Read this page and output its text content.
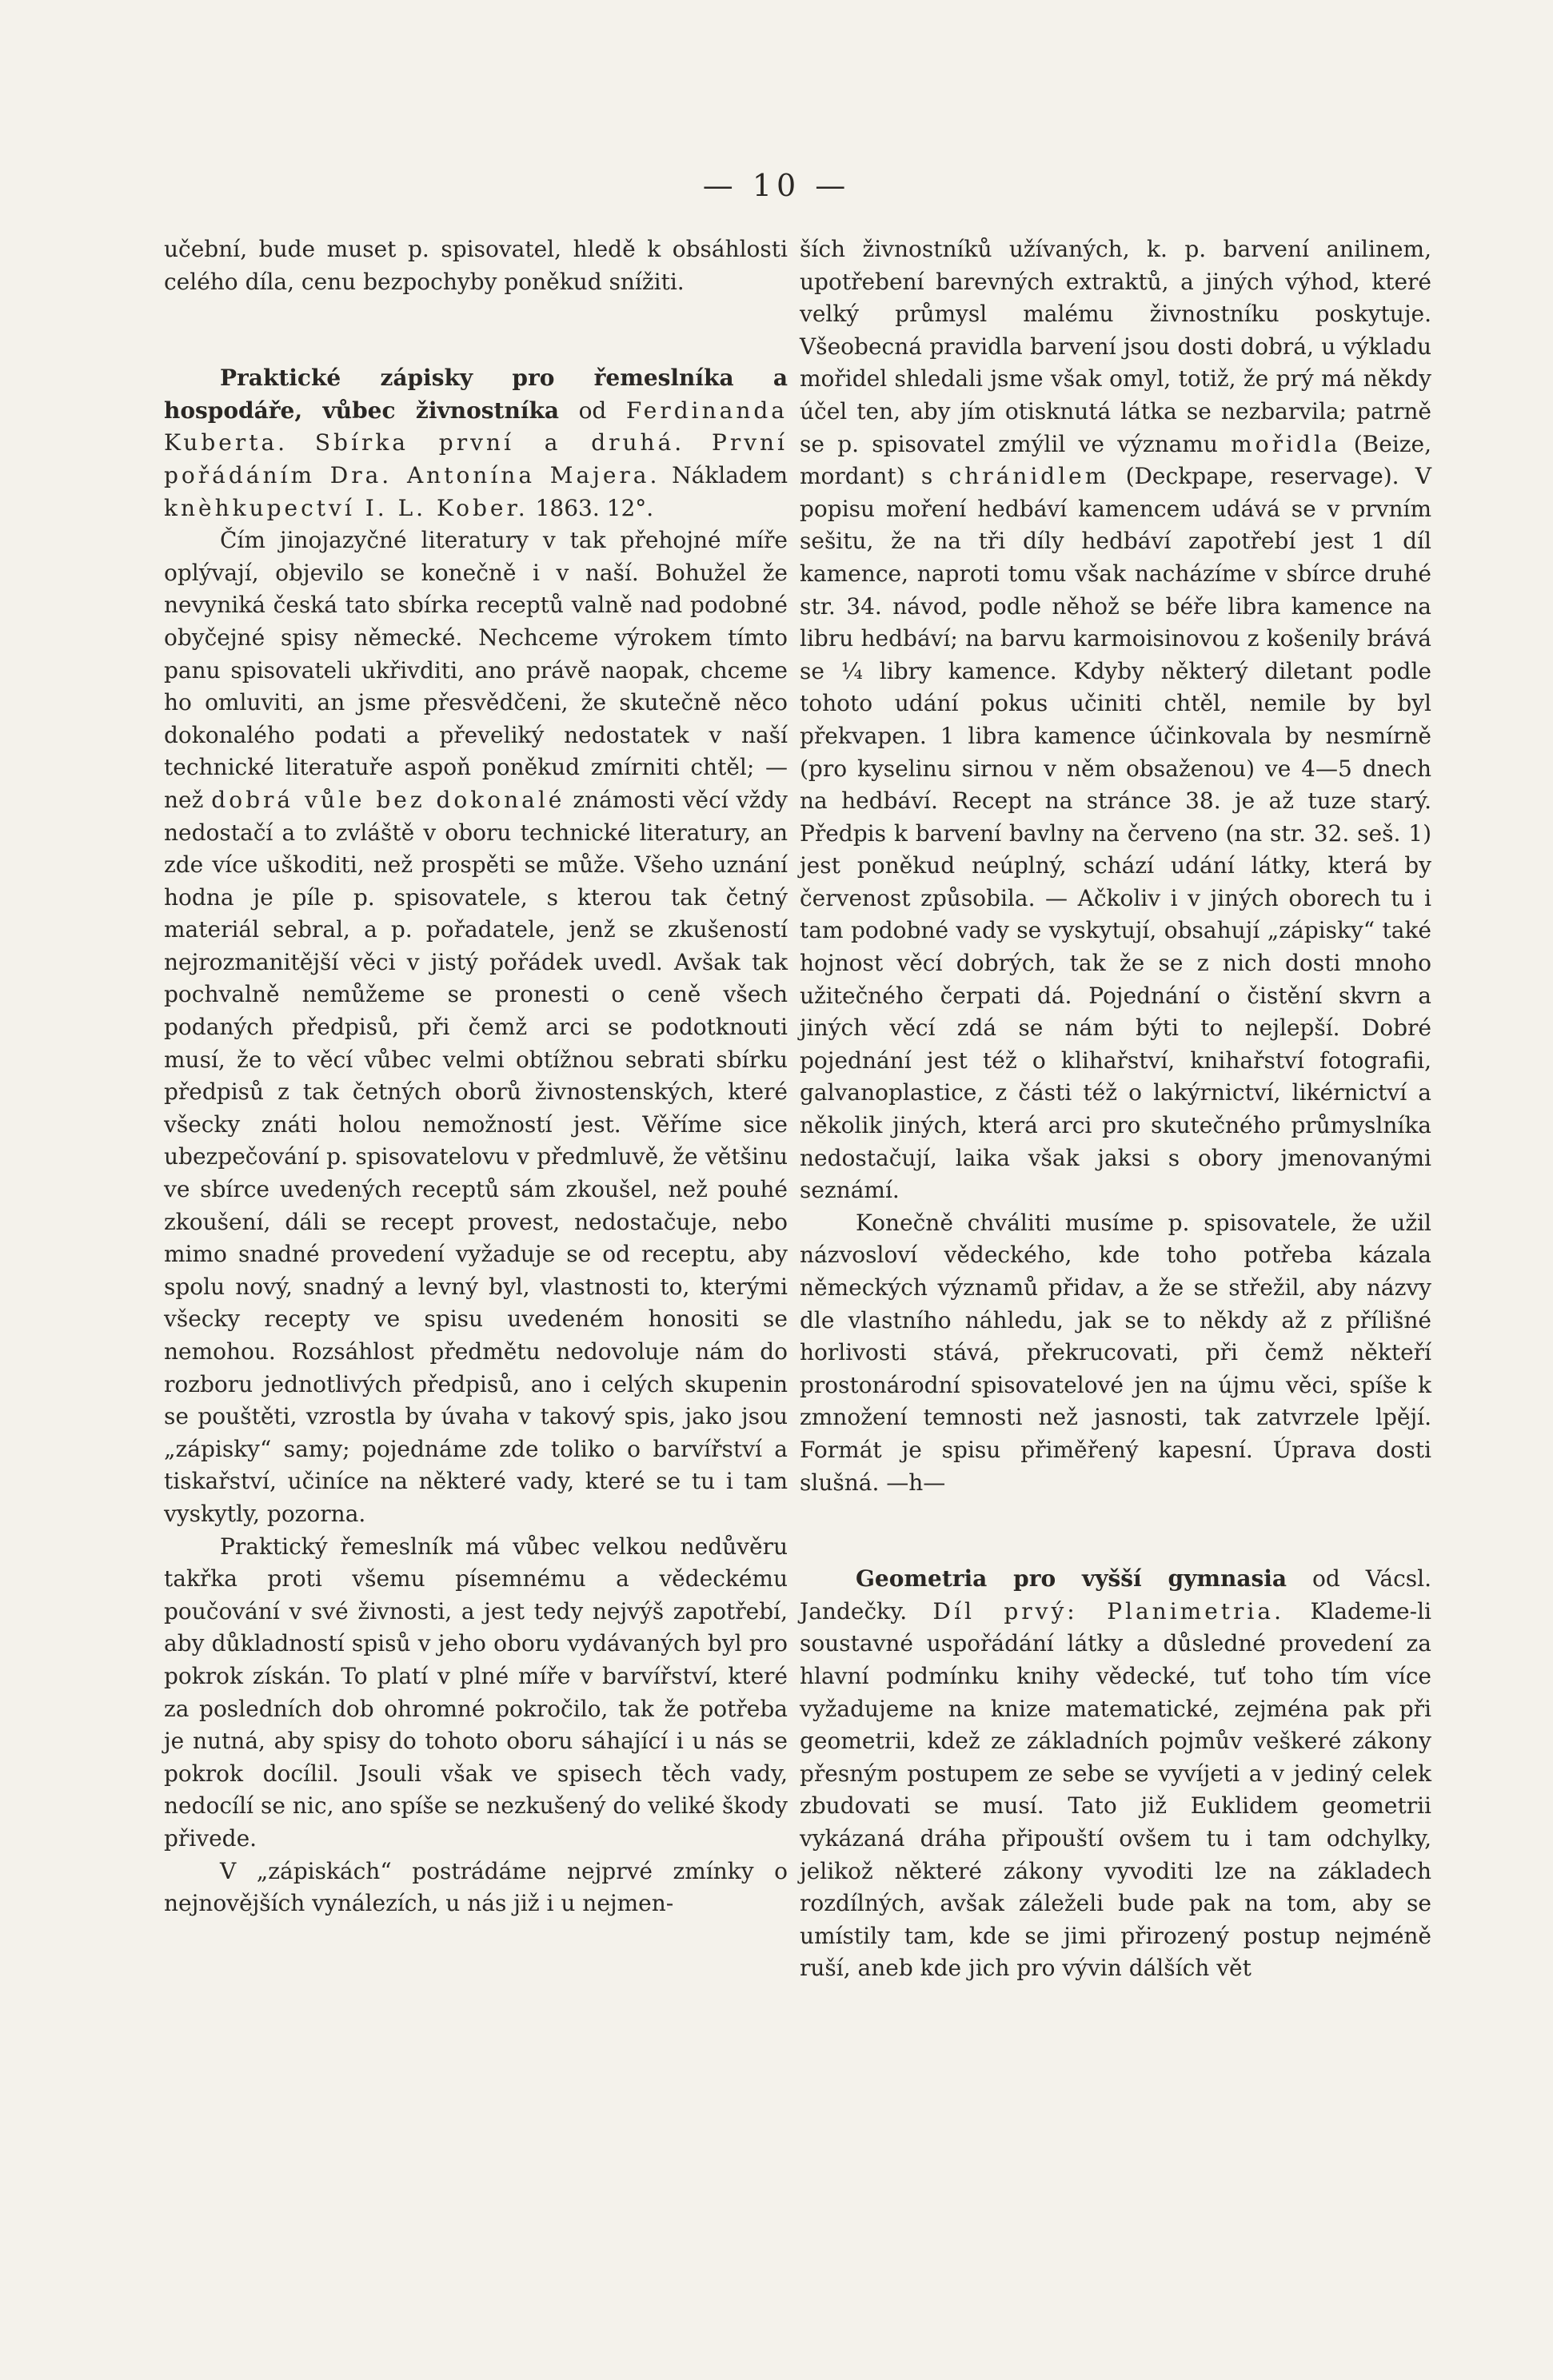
— 10 —

učební, bude muset p. spisovatel, hledě k obsáhlosti celého díla, cenu bezpochyby poněkud snížiti.

Praktické zápisky pro řemeslníka a hospodáře, vůbec živnostníka od Ferdinanda Kuberta. Sbírka první a druhá. První pořádáním Dra. Antonína Majera. Nákladem knèhkupectví I. L. Kober. 1863. 12°.

Čím jinojazyčné literatury v tak přehojné míře oplývají, objevilo se konečně i v naší. Bohužel že nevyniká česká tato sbírka receptů valně nad podobné obyčejné spisy německé. Nechceme výrokem tímto panu spisovateli ukřivditi, ano právě naopak, chceme ho omluviti, an jsme přesvědčeni, že skutečně něco dokonalého podati a převeliký nedostatek v naší technické literatuře aspoň poněkud zmírniti chtěl; — než dobrá vůle bez dokonalé známosti věcí vždy nedostačí a to zvláště v oboru technické literatury, an zde více uškoditi, než prospěti se může. Všeho uznání hodna je píle p. spisovatele, s kterou tak četný materiál sebral, a p. pořadatele, jenž se zkušeností nejrozmanitější věci v jistý pořádek uvedl. Avšak tak pochvalně nemůžeme se pronesti o ceně všech podaných předpisů, při čemž arci se podotknouti musí, že to věcí vůbec velmi obtížnou sebrati sbírku předpisů z tak četných oborů živnostenských, které všecky znáti holou nemožností jest. Věříme sice ubezpečování p. spisovatelovu v předmluvě, že většinu ve sbírce uvedených receptů sám zkoušel, než pouhé zkoušení, dáli se recept provest, nedostačuje, nebo mimo snadné provedení vyžaduje se od receptu, aby spolu nový, snadný a levný byl, vlastnosti to, kterými všecky recepty ve spisu uvedeném honositi se nemohou. Rozsáhlost předmětu nedovoluje nám do rozboru jednotlivých předpisů, ano i celých skupenin se pouštěti, vzrostla by úvaha v takový spis, jako jsou „zápisky“ samy; pojednáme zde toliko o barvířství a tiskařství, učiníce na některé vady, které se tu i tam vyskytly, pozorna.

Praktický řemeslník má vůbec velkou nedůvěru takřka proti všemu písemnému a vědeckému poučování v své živnosti, a jest tedy nejvýš zapotřebí, aby důkladností spisů v jeho oboru vydávaných byl pro pokrok získán. To platí v plné míře v barvířství, které za posledních dob ohromné pokročilo, tak že potřeba je nutná, aby spisy do tohoto oboru sáhající i u nás se pokrok docílil. Jsouli však ve spisech těch vady, nedocílí se nic, ano spíše se nezkušený do veliké škody přivede.

V „zápiskách“ postrádáme nejprvé zmínky o nejnovějších vynálezích, u nás již i u nejmen-

ších živnostníků užívaných, k. p. barvení anilinem, upotřebení barevných extraktů, a jiných výhod, které velký průmysl malému živnostníku poskytuje. Všeobecná pravidla barvení jsou dosti dobrá, u výkladu mořidel shledali jsme však omyl, totiž, že prý má někdy účel ten, aby jím otisknutá látka se nezbarvila; patrně se p. spisovatel zmýlil ve významu mořidla (Beize, mordant) s chránidlem (Deckpape, reservage). V popisu moření hedbáví kamencem udává se v prvním sešitu, že na tři díly hedbáví zapotřebí jest 1 díl kamence, naproti tomu však nacházíme v sbírce druhé str. 34. návod, podle něhož se béře libra kamence na libru hedbáví; na barvu karmoisinovou z košenily brává se ¼ libry kamence. Kdyby některý diletant podle tohoto udání pokus učiniti chtěl, nemile by byl překvapen. 1 libra kamence účinkovala by nesmírně (pro kyselinu sirnou v něm obsaženou) ve 4—5 dnech na hedbáví. Recept na stránce 38. je až tuze starý. Předpis k barvení bavlny na červeno (na str. 32. seš. 1) jest poněkud neúplný, schází udání látky, která by červenost způsobila. — Ačkoliv i v jiných oborech tu i tam podobné vady se vyskytují, obsahují „zápisky“ také hojnost věcí dobrých, tak že se z nich dosti mnoho užitečného čerpati dá. Pojednání o čistění skvrn a jiných věcí zdá se nám býti to nejlepší. Dobré pojednání jest též o klihařství, knihařství fotografii, galvanoplastice, z části též o lakýrnictví, likérnictví a několik jiných, která arci pro skutečného průmyslníka nedostačují, laika však jaksi s obory jmenovanými seznámí.

Konečně chváliti musíme p. spisovatele, že užil názvosloví vědeckého, kde toho potřeba kázala německých významů přidav, a že se střežil, aby názvy dle vlastního náhledu, jak se to někdy až z přílišné horlivosti stává, překrucovati, při čemž někteří prostonárodní spisovatelové jen na újmu věci, spíše k zmnožení temnosti než jasnosti, tak zatvrzele lpějí. Formát je spisu přiměřený kapesní. Úprava dosti slušná. —h—

Geometria pro vyšší gymnasia od Vácsl. Jandečky. Díl prvý: Planimetria. Klademe-li soustavné uspořádání látky a důsledné provedení za hlavní podmínku knihy vědecké, tuť toho tím více vyžadujeme na knize matematické, zejména pak při geometrii, kdež ze základních pojmův veškeré zákony přesným postupem ze sebe se vyvíjeti a v jediný celek zbudovati se musí. Tato již Euklidem geometrii vykázaná dráha připouští ovšem tu i tam odchylky, jelikož některé zákony vyvoditi lze na základech rozdílných, avšak záleželi bude pak na tom, aby se umístily tam, kde se jimi přirozený postup nejméně ruší, aneb kde jich pro vývin dálších vět
